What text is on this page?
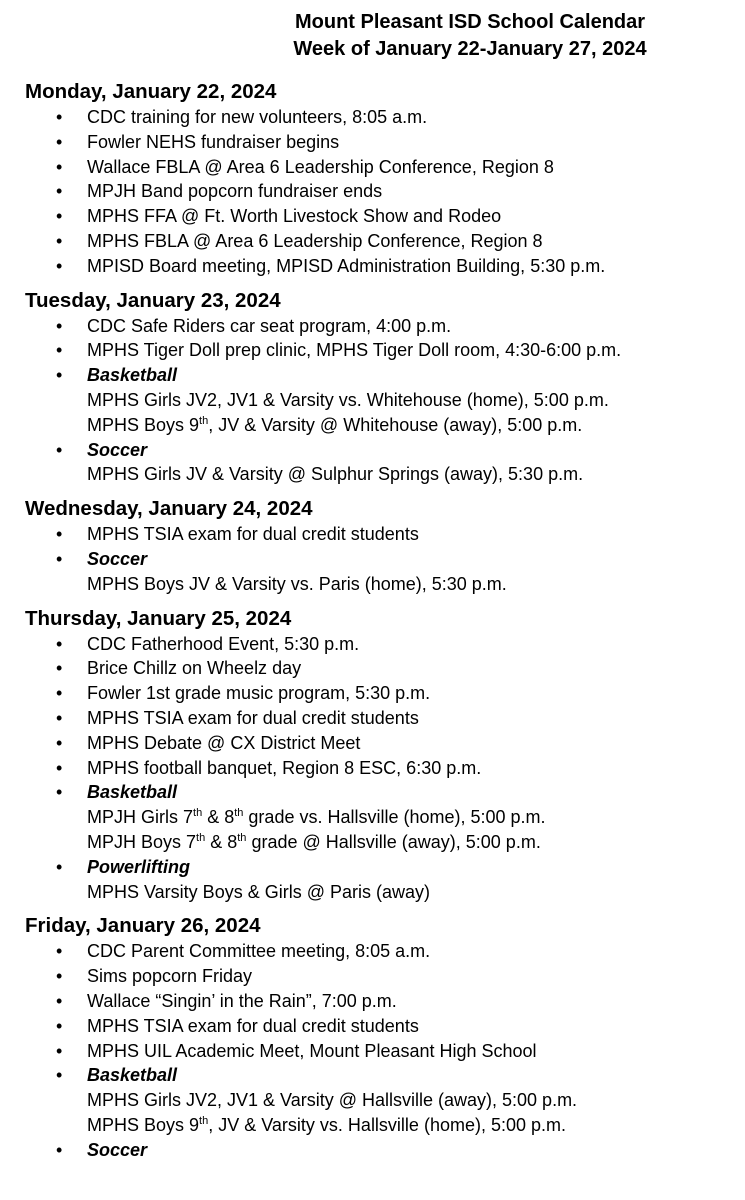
Mount Pleasant ISD School Calendar
Week of January 22-January 27, 2024
Monday, January 22, 2024
• CDC training for new volunteers, 8:05 a.m.
• Fowler NEHS fundraiser begins
• Wallace FBLA @ Area 6 Leadership Conference, Region 8
• MPJH Band popcorn fundraiser ends
• MPHS FFA @ Ft. Worth Livestock Show and Rodeo
• MPHS FBLA @ Area 6 Leadership Conference, Region 8
• MPISD Board meeting, MPISD Administration Building, 5:30 p.m.
Tuesday, January 23, 2024
• CDC Safe Riders car seat program, 4:00 p.m.
• MPHS Tiger Doll prep clinic, MPHS Tiger Doll room, 4:30-6:00 p.m.
• Basketball
MPHS Girls JV2, JV1 & Varsity vs. Whitehouse (home), 5:00 p.m.
MPHS Boys 9th, JV & Varsity @ Whitehouse (away), 5:00 p.m.
• Soccer
MPHS Girls JV & Varsity @ Sulphur Springs (away), 5:30 p.m.
Wednesday, January 24, 2024
• MPHS TSIA exam for dual credit students
• Soccer
MPHS Boys JV & Varsity vs. Paris (home), 5:30 p.m.
Thursday, January 25, 2024
• CDC Fatherhood Event, 5:30 p.m.
• Brice Chillz on Wheelz day
• Fowler 1st grade music program, 5:30 p.m.
• MPHS TSIA exam for dual credit students
• MPHS Debate @ CX District Meet
• MPHS football banquet, Region 8 ESC, 6:30 p.m.
• Basketball
MPJH Girls 7th & 8th grade vs. Hallsville (home), 5:00 p.m.
MPJH Boys 7th & 8th grade @ Hallsville (away), 5:00 p.m.
• Powerlifting
MPHS Varsity Boys & Girls @ Paris (away)
Friday, January 26, 2024
• CDC Parent Committee meeting, 8:05 a.m.
• Sims popcorn Friday
• Wallace “Singin’ in the Rain”, 7:00 p.m.
• MPHS TSIA exam for dual credit students
• MPHS UIL Academic Meet, Mount Pleasant High School
• Basketball
MPHS Girls JV2, JV1 & Varsity @ Hallsville (away), 5:00 p.m.
MPHS Boys 9th, JV & Varsity vs. Hallsville (home), 5:00 p.m.
• Soccer
